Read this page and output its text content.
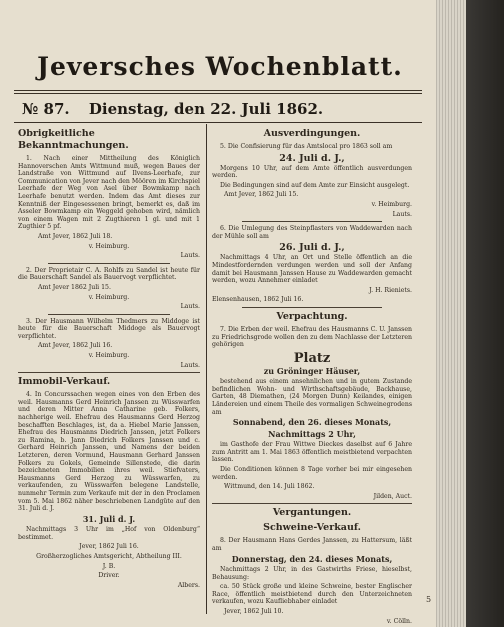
Jeversches Wochenblatt.
№ 87. Dienstag, den 22. Juli 1862.
Obrigkeitliche Bekanntmachungen.

1. Nach einer Mittheilung des Königlich Hannoverschen Amts Wittmund muß, wegen Baues der Landstraße von Wittmund auf Ilvens-Leerhafe, zur Communication von Jever nach den Möören im Kirchspiel Leerhafe der Weg von Asel über Bowmkamp nach Leerhafe benutzt werden. Indem das Amt dieses zur Kenntniß der Eingesessenen bringt, bemerkt es, daß im Asseler Bowmkamp ein Weggeld gehoben wird, nämlich von einem Wagen mit 2 Zugthieren 1 gl. und mit 1 Zugthier 5 pf.

Amt Jever, 1862 Juli 18.

v. Heimburg.

Lauts.

2. Der Proprietair C. A. Rohlfs zu Sandel ist heute für die Bauerschaft Sandel als Bauervogt verpflichtet.

Amt Jever 1862 Juli 15.

v. Heimburg.

Lauts.

3. Der Hausmann Wilhelm Thedmers zu Middoge ist heute für die Bauerschaft Middoge als Bauervogt verpflichtet.

Amt Jever, 1862 Juli 16.

v. Heimburg.

Lauts.

Immobil-Verkauf.

4. In Concurssachen wegen eines von den Erben des weil. Hausmanns Gerd Heinrich Janssen zu Wüsswarfen und deren Mitter Anna Catharine geb. Folkers, nachherige weil. Ehefrau des Hausmanns Gerd Herzog beschafften Beschlages, ist, da a. Hiebel Marie Janssen, Ehefrau des Hausmanns Diedrich Janssen, jetzt Folkers zu Ramina, b. Jann Diedrich Folkers Janssen und c. Gerhard Heinrich Janssen, und Namens der beiden Letzteren, deren Vormund, Hausmann Gerhard Janssen Folkers zu Gokels, Gemeinde Sillenstede, die darin bezeichneten Immobilien ihres weil. Stiefvaters, Hausmanns Gerd Herzog zu Wüsswarfen, zu verkaufenden, zu Wüsswarfen belegene Landstelle, nunmehr Termin zum Verkaufe mit der in den Proclamen vom 5. Mai 1862 näher beschriebenen Landgüte auf den 31. Juli d. J.

31. Juli d. J.

Nachmittags 3 Uhr im „Hof von Oldenburg“ bestimmet.

Jever, 1862 Juli 16.

Großherzogliches Amtsgericht, Abtheilung III.

J. B.

Driver.

Albers.

Ausverdingungen.

5. Die Confisierung für das Amtslocal pro 1863 soll am

24. Juli d. J.,

Morgens 10 Uhr, auf dem Amte öffentlich ausverdungen werden.

Die Bedingungen sind auf dem Amte zur Einsicht ausgelegt.

Amt Jever, 1862 Juli 15.

v. Heimburg.

Lauts.

6. Die Umlegung des Steinpflasters von Waddewarden nach der Mühle soll am

26. Juli d. J.,

Nachmittags 4 Uhr, an Ort und Stelle öffentlich an die Mindestfordernden verdungen werden und soll der Anfang damit bei Hausmann Janssen Hause zu Waddewarden gemacht werden, wozu Annehmer einladet

J. H. Rieniets.

Elensenhausen, 1862 Juli 16.

Verpachtung.

7. Die Erben der weil. Ehefrau des Hausmanns C. U. Janssen zu Friedrichsgrode wollen den zu dem Nachlasse der Letzteren gehörigen

Platz

zu Gröninger Häuser,

bestehend aus einem ansehnlichen und in gutem Zustande befindlichen Wohn- und Wirthschaftsgebäude, Backhause, Garten, 48 Diemathen, (24 Morgen Dunn) Keilandes, einigen Ländereien und einem Theile des vormaligen Schweinegrodens am

Sonnabend, den 26. dieses Monats,

Nachmittags 2 Uhr,

im Gasthofe der Frau Wittwe Dieckes daselbst auf 6 Jahre zum Antritt am 1. Mai 1863 öffentlich meistbietend verpachten lassen.

Die Conditionen können 8 Tage vorher bei mir eingesehen werden.

Wittmund, den 14. Juli 1862.

Jilden, Auct.

Vergantungen.
Schweine-Verkauf.

8. Der Hausmann Hans Gerdes Janssen, zu Hattersum, läßt am

Donnerstag, den 24. dieses Monats,

Nachmittags 2 Uhr, in des Gastwirths Friese, hieselbst, Behausung:

ca. 50 Stück große und kleine Schweine, bester Englischer Race, öffentlich meistbietend durch den Unterzeichneten verkaufen, wozu Kaufliebhaber einladet

Jever, 1862 Juli 10.

v. Cölln.

5
